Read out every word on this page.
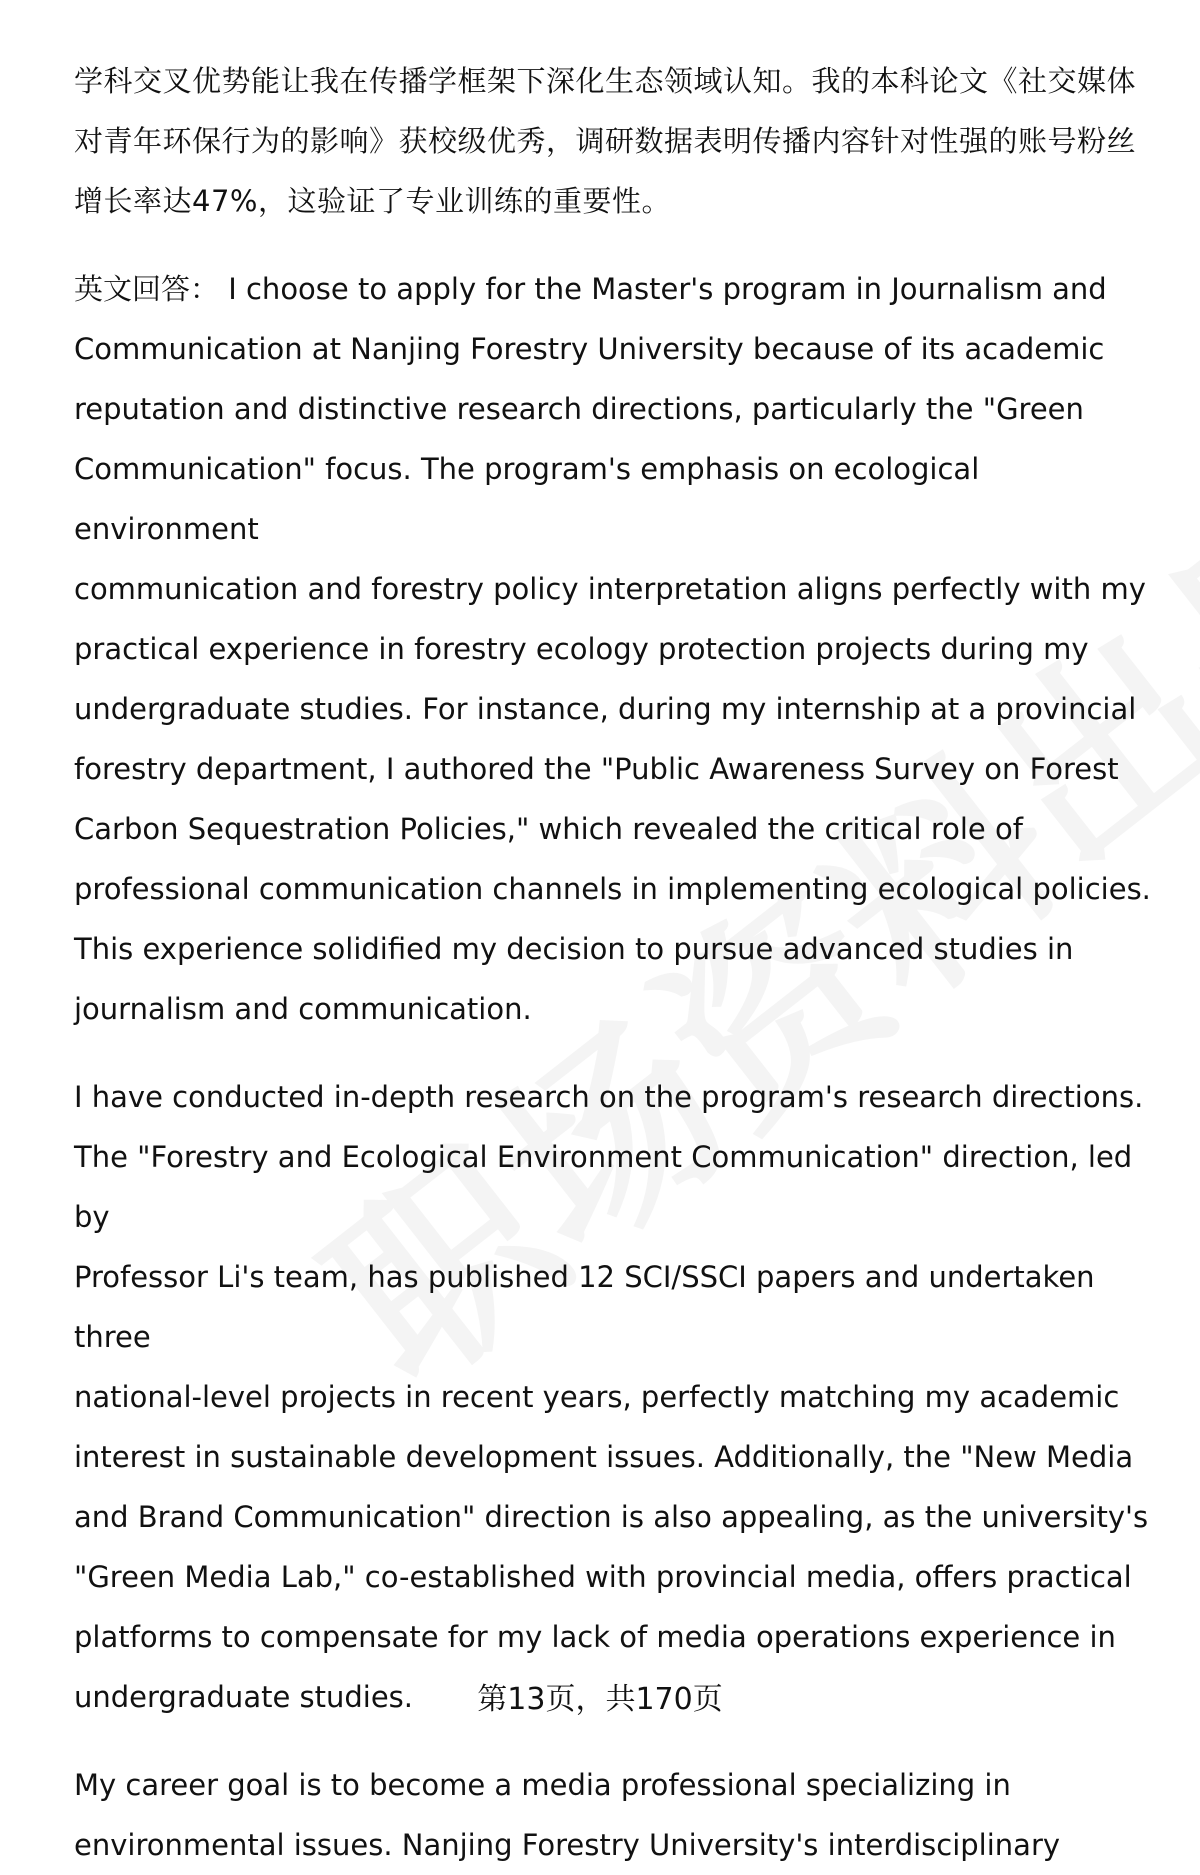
学科交叉优势能让我在传播学框架下深化生态领域认知。我的本科论文《社交媒体
对青年环保行为的影响》获校级优秀，调研数据表明传播内容针对性强的账号粉丝
增长率达47%，这验证了专业训练的重要性。

英文回答： I choose to apply for the Master's program in Journalism and
Communication at Nanjing Forestry University because of its academic
reputation and distinctive research directions, particularly the "Green
Communication" focus. The program's emphasis on ecological environment
communication and forestry policy interpretation aligns perfectly with my
practical experience in forestry ecology protection projects during my
undergraduate studies. For instance, during my internship at a provincial
forestry department, I authored the "Public Awareness Survey on Forest
Carbon Sequestration Policies," which revealed the critical role of
professional communication channels in implementing ecological policies.
This experience solidified my decision to pursue advanced studies in
journalism and communication.

I have conducted in-depth research on the program's research directions.
The "Forestry and Ecological Environment Communication" direction, led by
Professor Li's team, has published 12 SCI/SSCI papers and undertaken three
national-level projects in recent years, perfectly matching my academic
interest in sustainable development issues. Additionally, the "New Media
and Brand Communication" direction is also appealing, as the university's
"Green Media Lab," co-established with provincial media, offers practical
platforms to compensate for my lack of media operations experience in
undergraduate studies.

My career goal is to become a media professional specializing in
environmental issues. Nanjing Forestry University's interdisciplinary

第13页，共170页
